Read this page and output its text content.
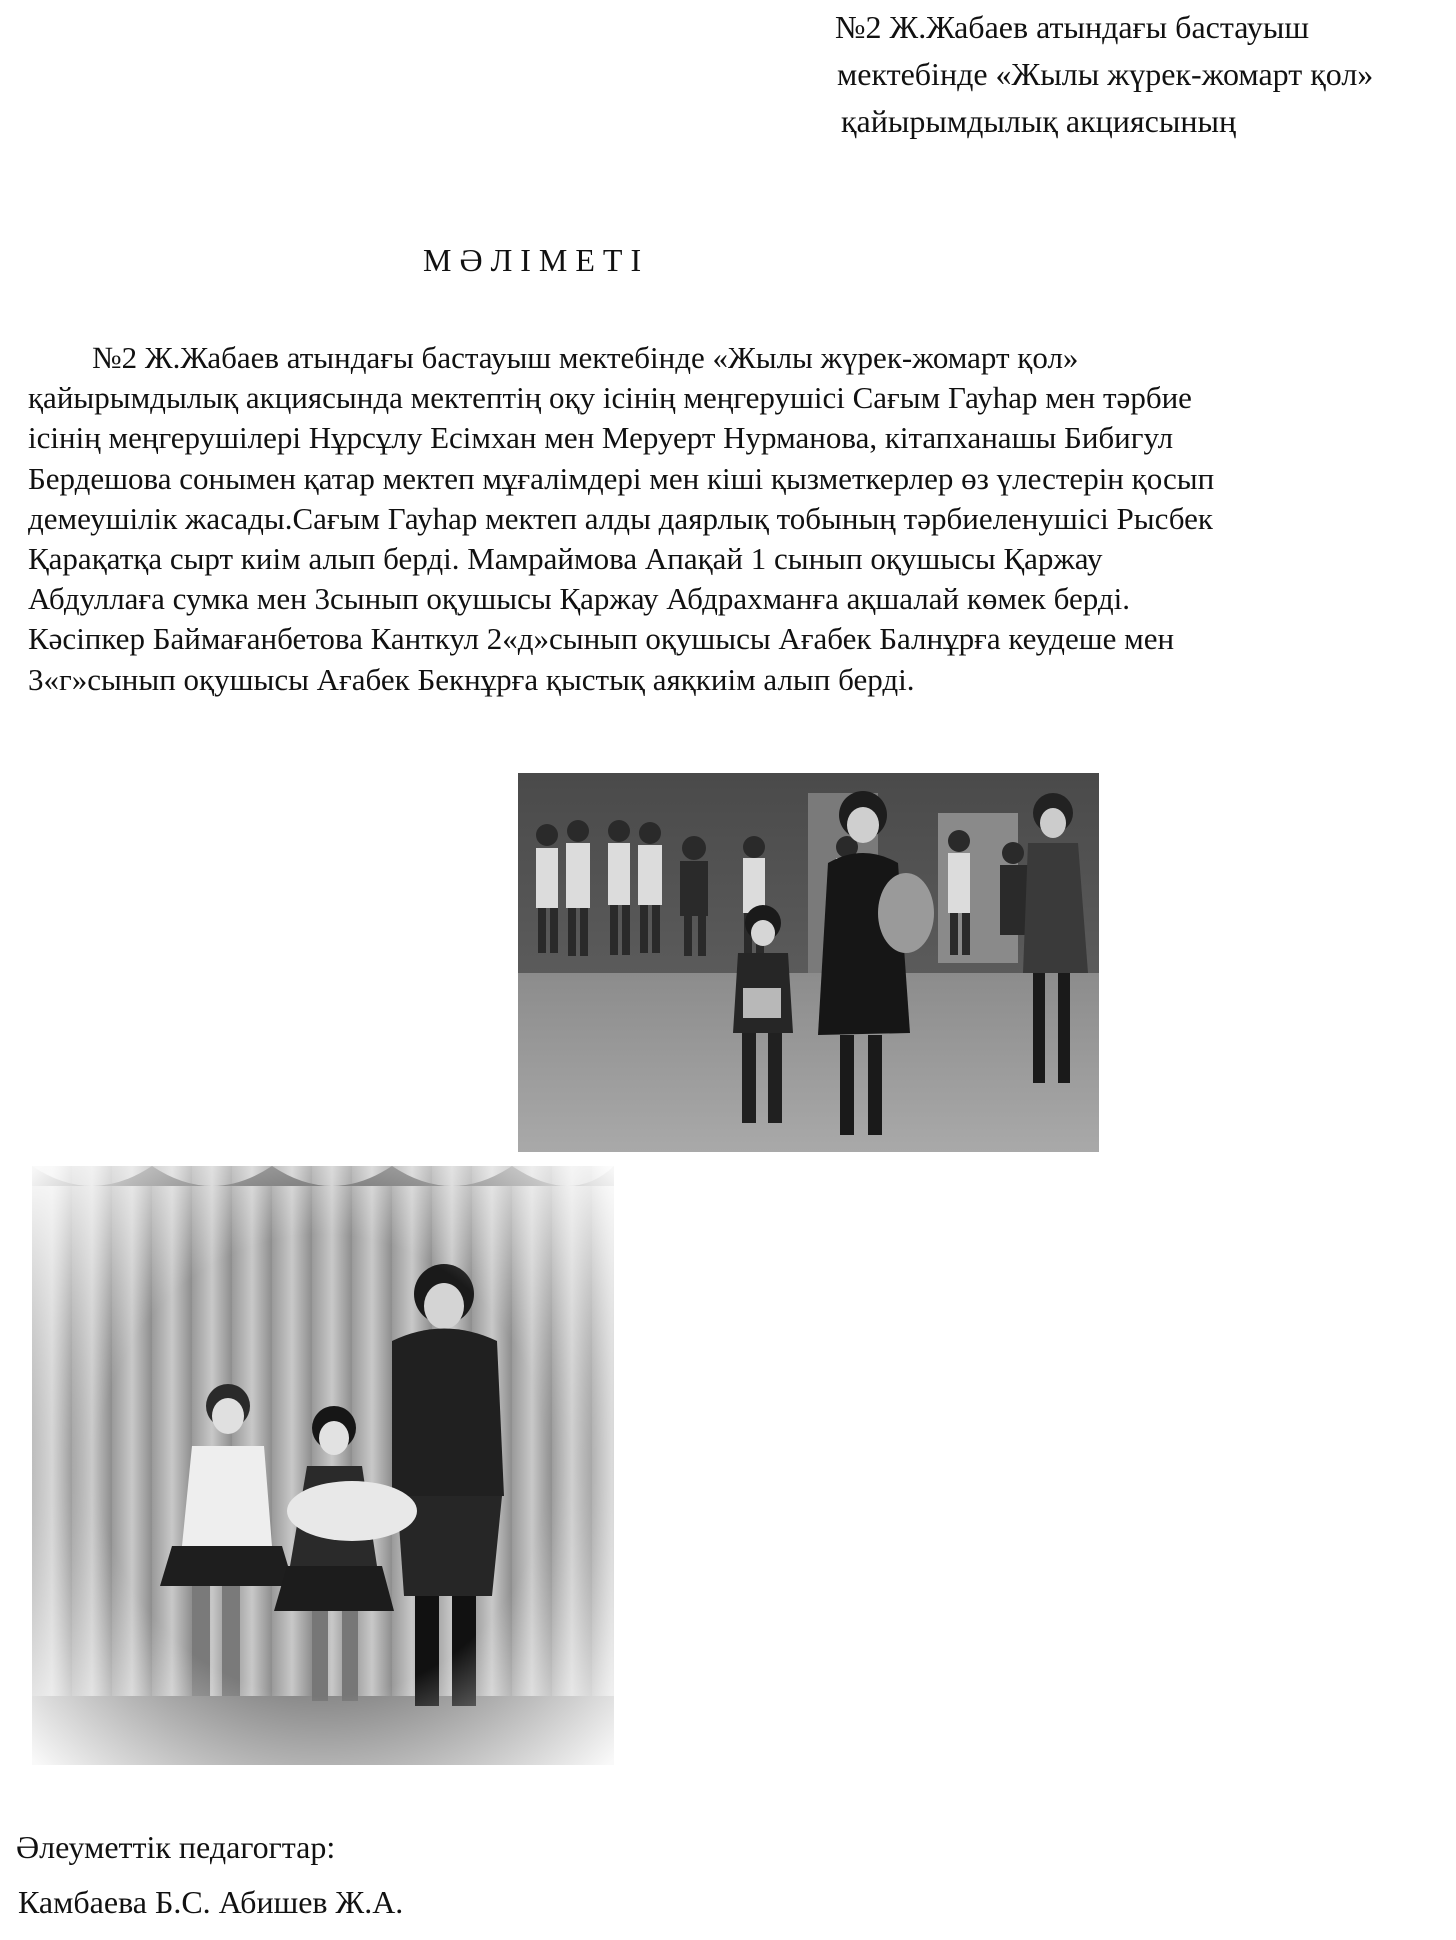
№2 Ж.Жабаев атындағы бастауыш
мектебінде «Жылы жүрек-жомарт қол»
қайырымдылық акциясының
МӘЛІМЕТІ
№2 Ж.Жабаев атындағы бастауыш мектебінде «Жылы жүрек-жомарт қол»
қайырымдылық акциясында мектептің оқу ісінің меңгерушісі Сағым Гауһар мен тәрбие
ісінің меңгерушілері Нұрсұлу Есімхан мен Меруерт Нурманова, кітапханашы Бибигул
Бердешова сонымен қатар мектеп мұғалімдері мен кіші қызметкерлер өз үлестерін қосып
демеушілік жасады.Сағым Гауһар мектеп алды даярлық тобының тәрбиеленушісі Рысбек
Қарақатқа сырт киім алып берді. Мамраймова Апақай 1 сынып оқушысы Қаржау
Абдуллаға сумка мен 3сынып оқушысы Қаржау Абдрахманға ақшалай көмек берді.
Кәсіпкер Баймағанбетова Канткул 2«д»сынып оқушысы Ағабек Балнұрға кеудеше мен
3«г»сынып оқушысы Ағабек Бекнұрға қыстық аяқкиім алып берді.
Әлеуметтік педагогтар:
Камбаева Б.С. Абишев Ж.А.
